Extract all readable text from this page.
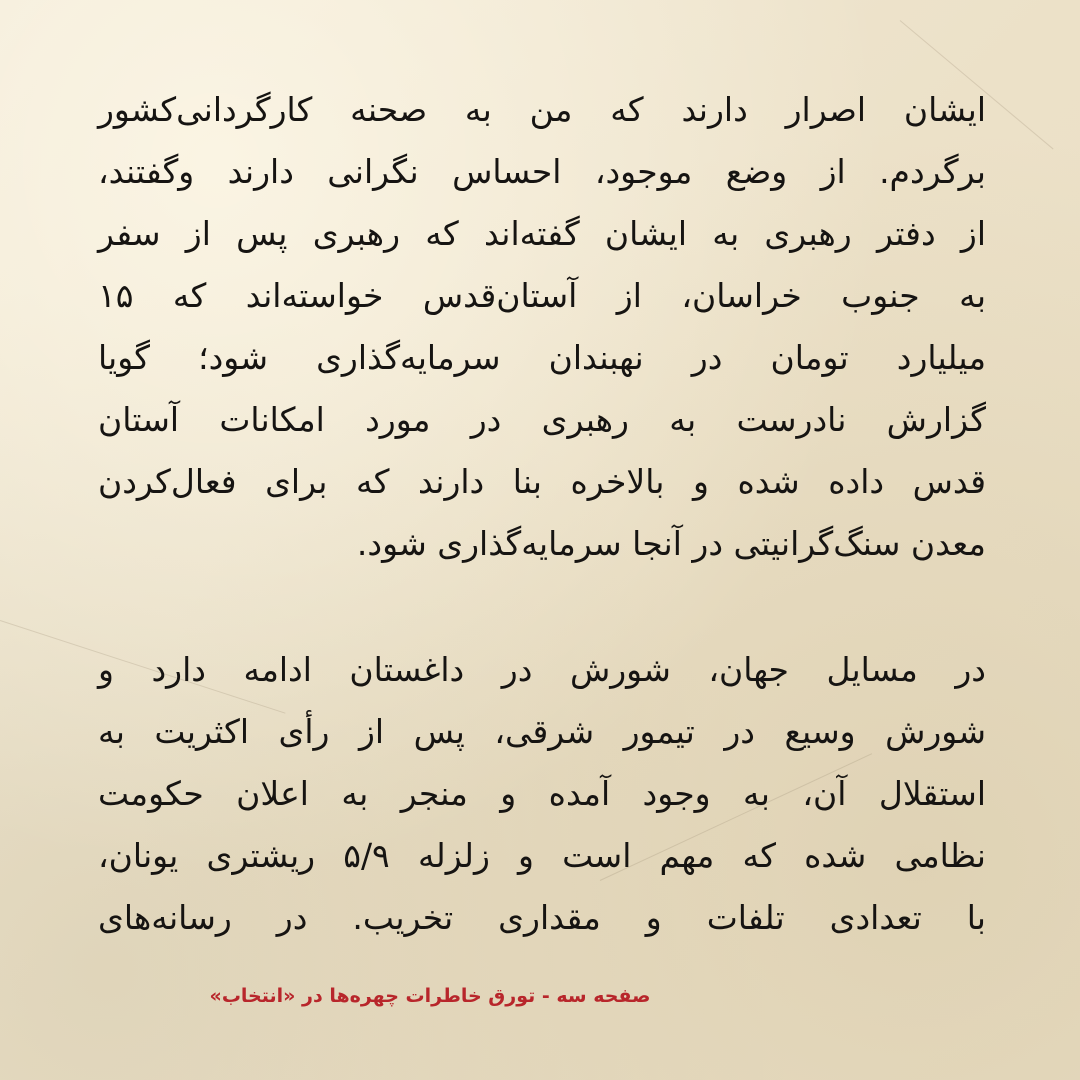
ایشان اصرار دارند که من به صحنه کارگردانی‌کشور
برگردم. از وضع موجود، احساس نگرانی دارند وگفتند،
از دفتر رهبری به ایشان گفته‌اند که رهبری پس از سفر
به جنوب خراسان، از آستان‌قدس خواسته‌اند که ۱۵
میلیارد تومان در نهبندان سرمایه‌گذاری شود؛ گویا
گزارش نادرست به رهبری در مورد امکانات آستان
قدس داده شده و بالاخره بنا دارند که برای فعال‌کردن
معدن سنگ‌گرانیتی در آنجا سرمایه‌گذاری شود.
در مسایل جهان، شورش در داغستان ادامه دارد و
شورش وسیع در تیمور شرقی، پس از رأی اکثریت به
استقلال آن، به وجود آمده و منجر به اعلان حکومت
نظامی شده که مهم است و زلزله ۵/۹ ریشتری یونان،
با تعدادی تلفات و مقداری تخریب. در رسانه‌های
صفحه سه - تورق خاطرات چهره‌ها در «انتخاب»
